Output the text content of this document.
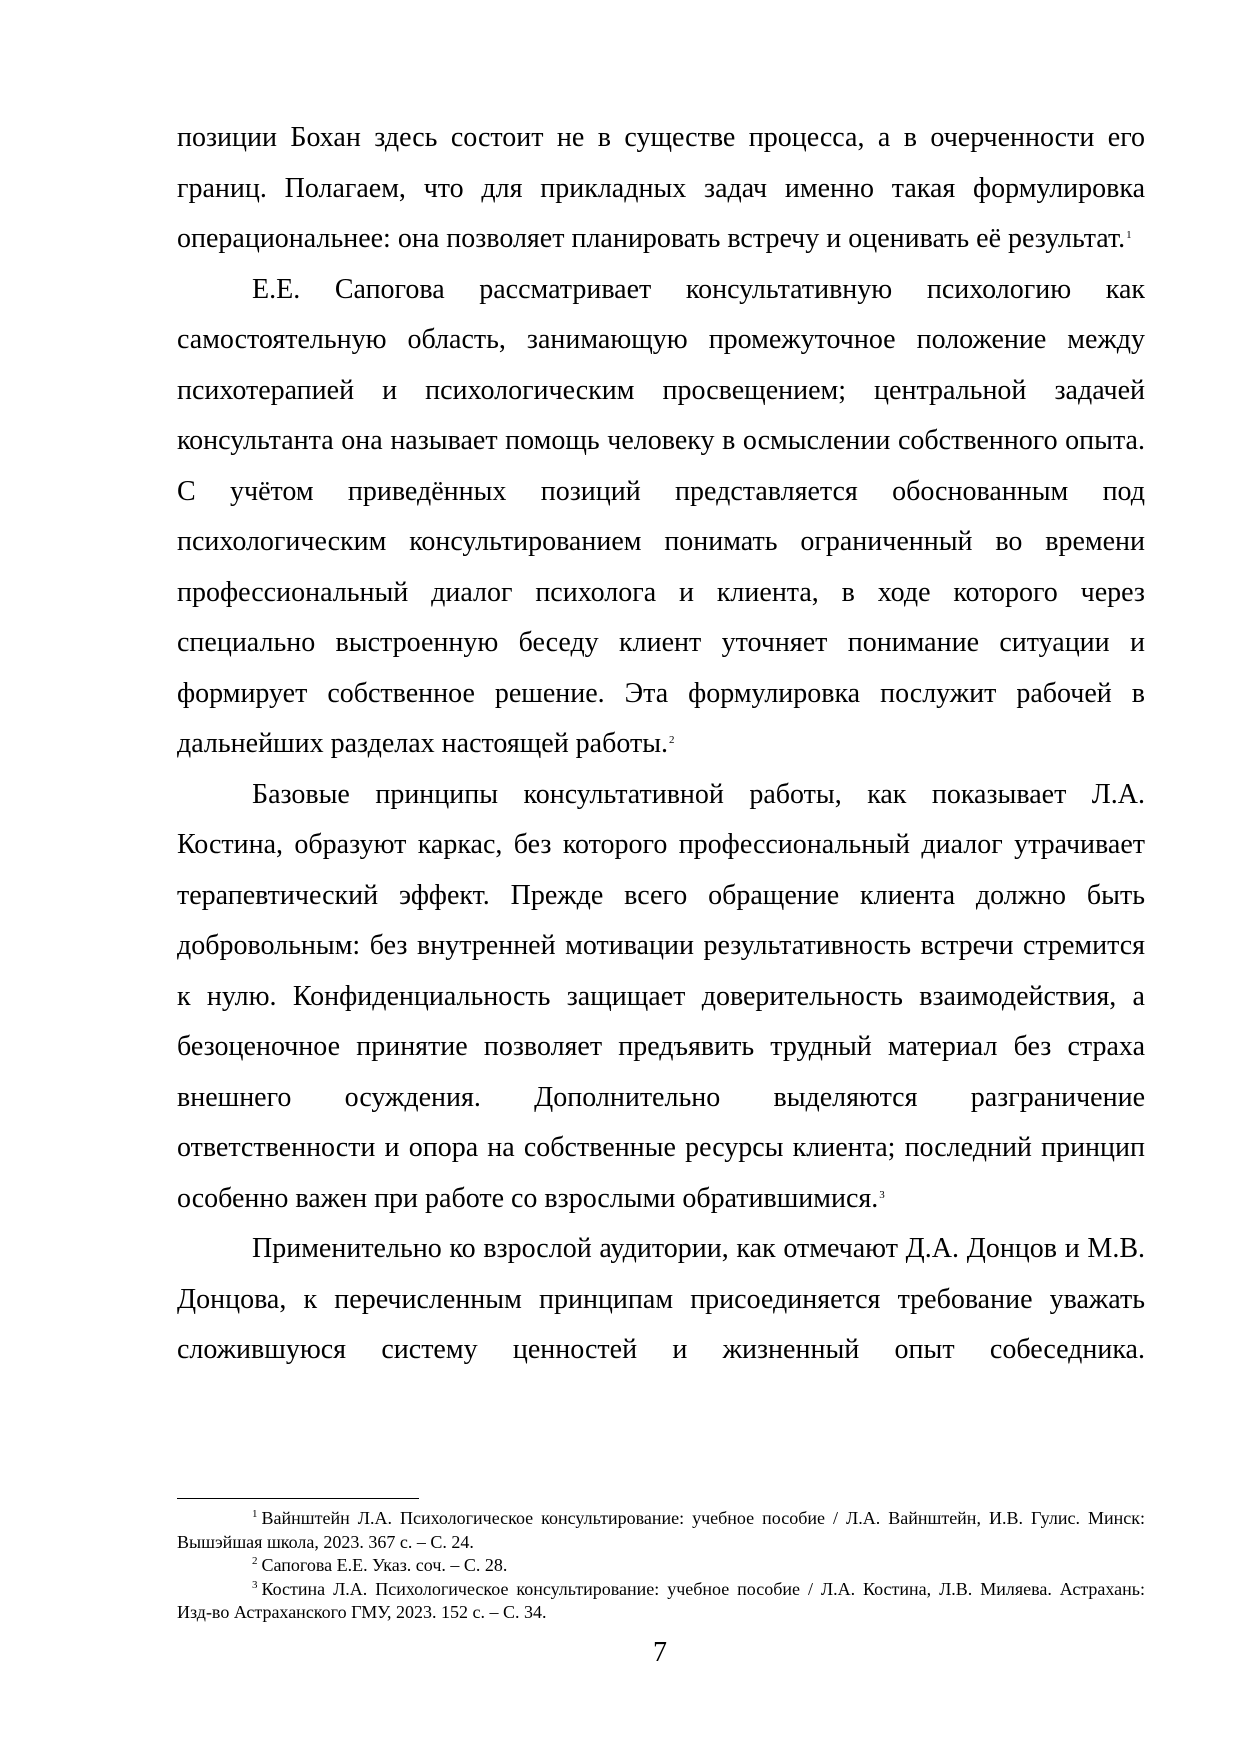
позиции Бохан здесь состоит не в существе процесса, а в очерченности его границ. Полагаем, что для прикладных задач именно такая формулировка операциональнее: она позволяет планировать встречу и оценивать её результат.$^1$

Е.Е. Сапогова рассматривает консультативную психологию как самостоятельную область, занимающую промежуточное положение между психотерапией и психологическим просвещением; центральной задачей консультанта она называет помощь человеку в осмыслении собственного опыта. С учётом приведённых позиций представляется обоснованным под психологическим консультированием понимать ограниченный во времени профессиональный диалог психолога и клиента, в ходе которого через специально выстроенную беседу клиент уточняет понимание ситуации и формирует собственное решение. Эта формулировка послужит рабочей в дальнейших разделах настоящей работы.$^2$

Базовые принципы консультативной работы, как показывает Л.А. Костина, образуют каркас, без которого профессиональный диалог утрачивает терапевтический эффект. Прежде всего обращение клиента должно быть добровольным: без внутренней мотивации результативность встречи стремится к нулю. Конфиденциальность защищает доверительность взаимодействия, а безоценочное принятие позволяет предъявить трудный материал без страха внешнего осуждения. Дополнительно выделяются разграничение ответственности и опора на собственные ресурсы клиента; последний принцип особенно важен при работе со взрослыми обратившимися.$^3$

Применительно ко взрослой аудитории, как отмечают Д.А. Донцов и М.В. Донцова, к перечисленным принципам присоединяется требование уважать сложившуюся систему ценностей и жизненный опыт собеседника.

$^1$ Вайнштейн Л.А. Психологическое консультирование: учебное пособие / Л.А. Вайнштейн, И.В. Гулис. Минск: Вышэйшая школа, 2023. 367 с. – С. 24.

$^2$ Сапогова Е.Е. Указ. соч. – С. 28.

$^3$ Костина Л.А. Психологическое консультирование: учебное пособие / Л.А. Костина, Л.В. Миляева. Астрахань: Изд-во Астраханского ГМУ, 2023. 152 с. – С. 34.

7
